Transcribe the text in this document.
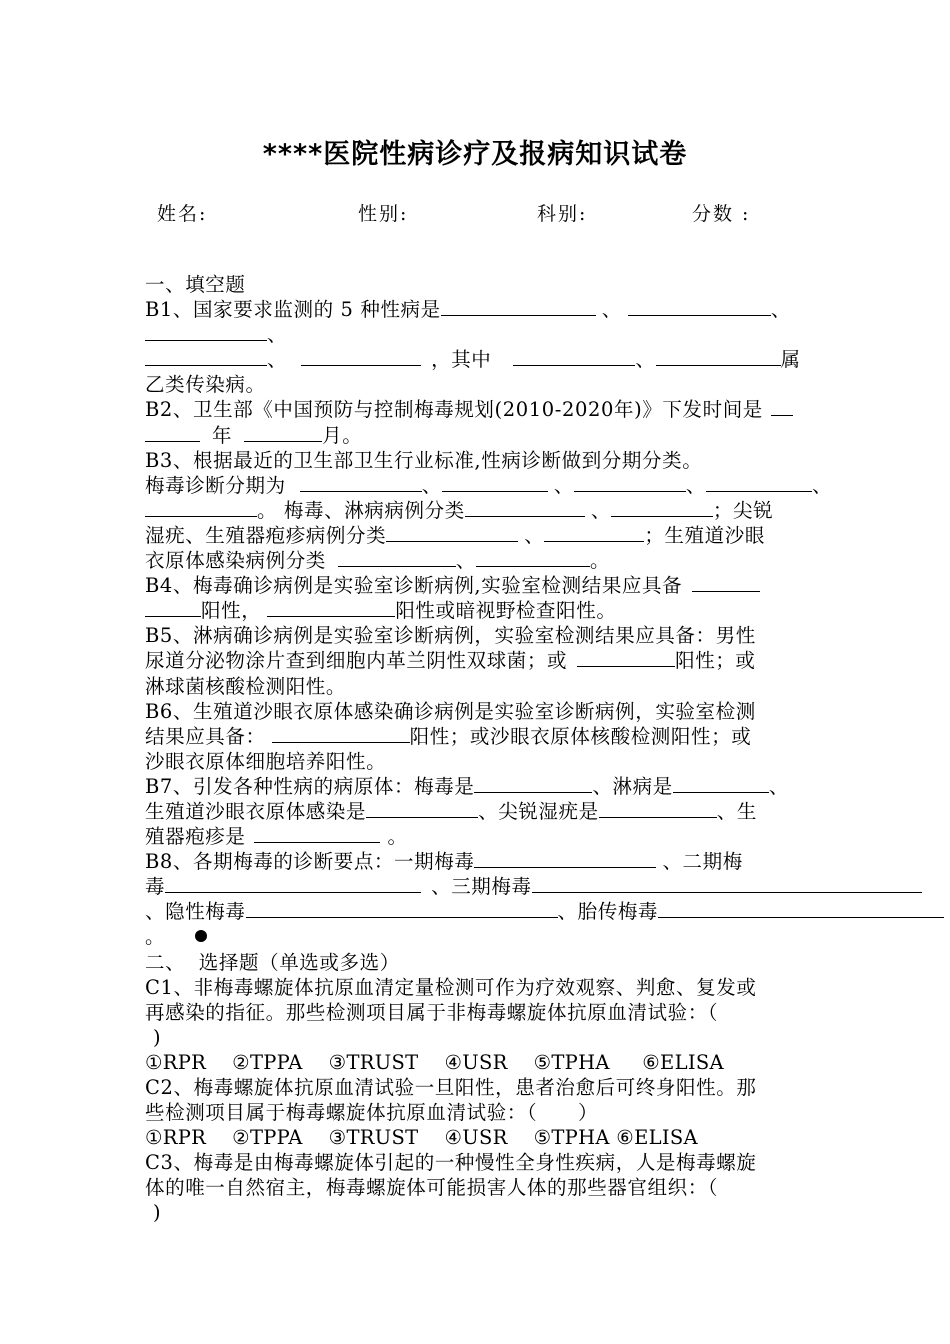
****医院性病诊疗及报病知识试卷
姓名:	性别:	科别:	分数 :
一、填空题
B1、国家要求监测的 5 种性病是	、	、
、
、	，其中	、	属
乙类传染病。
B2、卫生部《中国预防与控制梅毒规划(2010-2020年)》下发时间是
年	月。
B3、根据最近的卫生部卫生行业标准,性病诊断做到分期分类。
梅毒诊断分期为	、	、	、	、
。 梅毒、淋病病例分类	、	；尖锐
湿疣、生殖器疱疹病例分类	、	；生殖道沙眼
衣原体感染病例分类	、	。
B4、梅毒确诊病例是实验室诊断病例,实验室检测结果应具备
阳性，	阳性或暗视野检查阳性。
B5、淋病确诊病例是实验室诊断病例，实验室检测结果应具备：男性
尿道分泌物涂片查到细胞内革兰阴性双球菌；或	阳性；或
淋球菌核酸检测阳性。
B6、生殖道沙眼衣原体感染确诊病例是实验室诊断病例，实验室检测
结果应具备：	阳性；或沙眼衣原体核酸检测阳性；或
沙眼衣原体细胞培养阳性。
B7、引发各种性病的病原体：梅毒是	、淋病是	、
生殖道沙眼衣原体感染是	、尖锐湿疣是	、生
殖器疱疹是	。
B8、各期梅毒的诊断要点：一期梅毒	、二期梅
毒	、三期梅毒
、隐性梅毒	、胎传梅毒
。
二、  选择题（单选或多选）
C1、非梅毒螺旋体抗原血清定量检测可作为疗效观察、判愈、复发或
再感染的指征。那些检测项目属于非梅毒螺旋体抗原血清试验：（
)
①RPR    ②TPPA    ③TRUST    ④USR    ⑤TPHA     ⑥ELISA
C2、梅毒螺旋体抗原血清试验一旦阳性，患者治愈后可终身阳性。那
些检测项目属于梅毒螺旋体抗原血清试验：（      ）
①RPR    ②TPPA    ③TRUST    ④USR    ⑤TPHA ⑥ELISA
C3、梅毒是由梅毒螺旋体引起的一种慢性全身性疾病，人是梅毒螺旋
体的唯一自然宿主，梅毒螺旋体可能损害人体的那些器官组织：（
)
